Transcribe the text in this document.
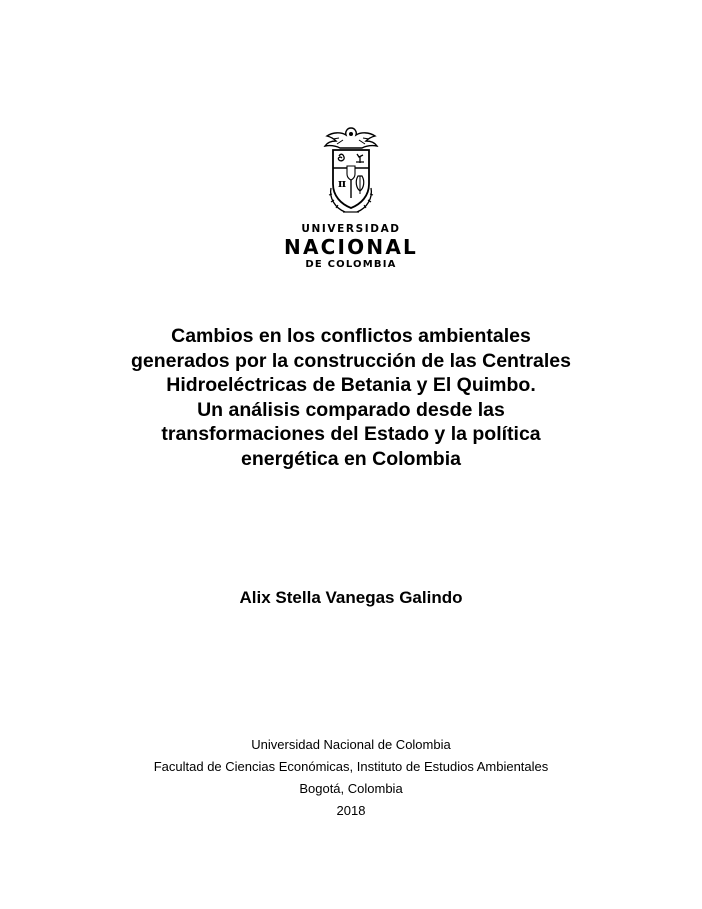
π
UNIVERSIDAD
NACIONAL
DE COLOMBIA
Cambios en los conflictos ambientales
generados por la construcción de las Centrales
Hidroeléctricas de Betania y El Quimbo.
Un análisis comparado desde las
transformaciones del Estado y la política
energética en Colombia
Alix Stella Vanegas Galindo
Universidad Nacional de Colombia
Facultad de Ciencias Económicas, Instituto de Estudios Ambientales
Bogotá, Colombia
2018
